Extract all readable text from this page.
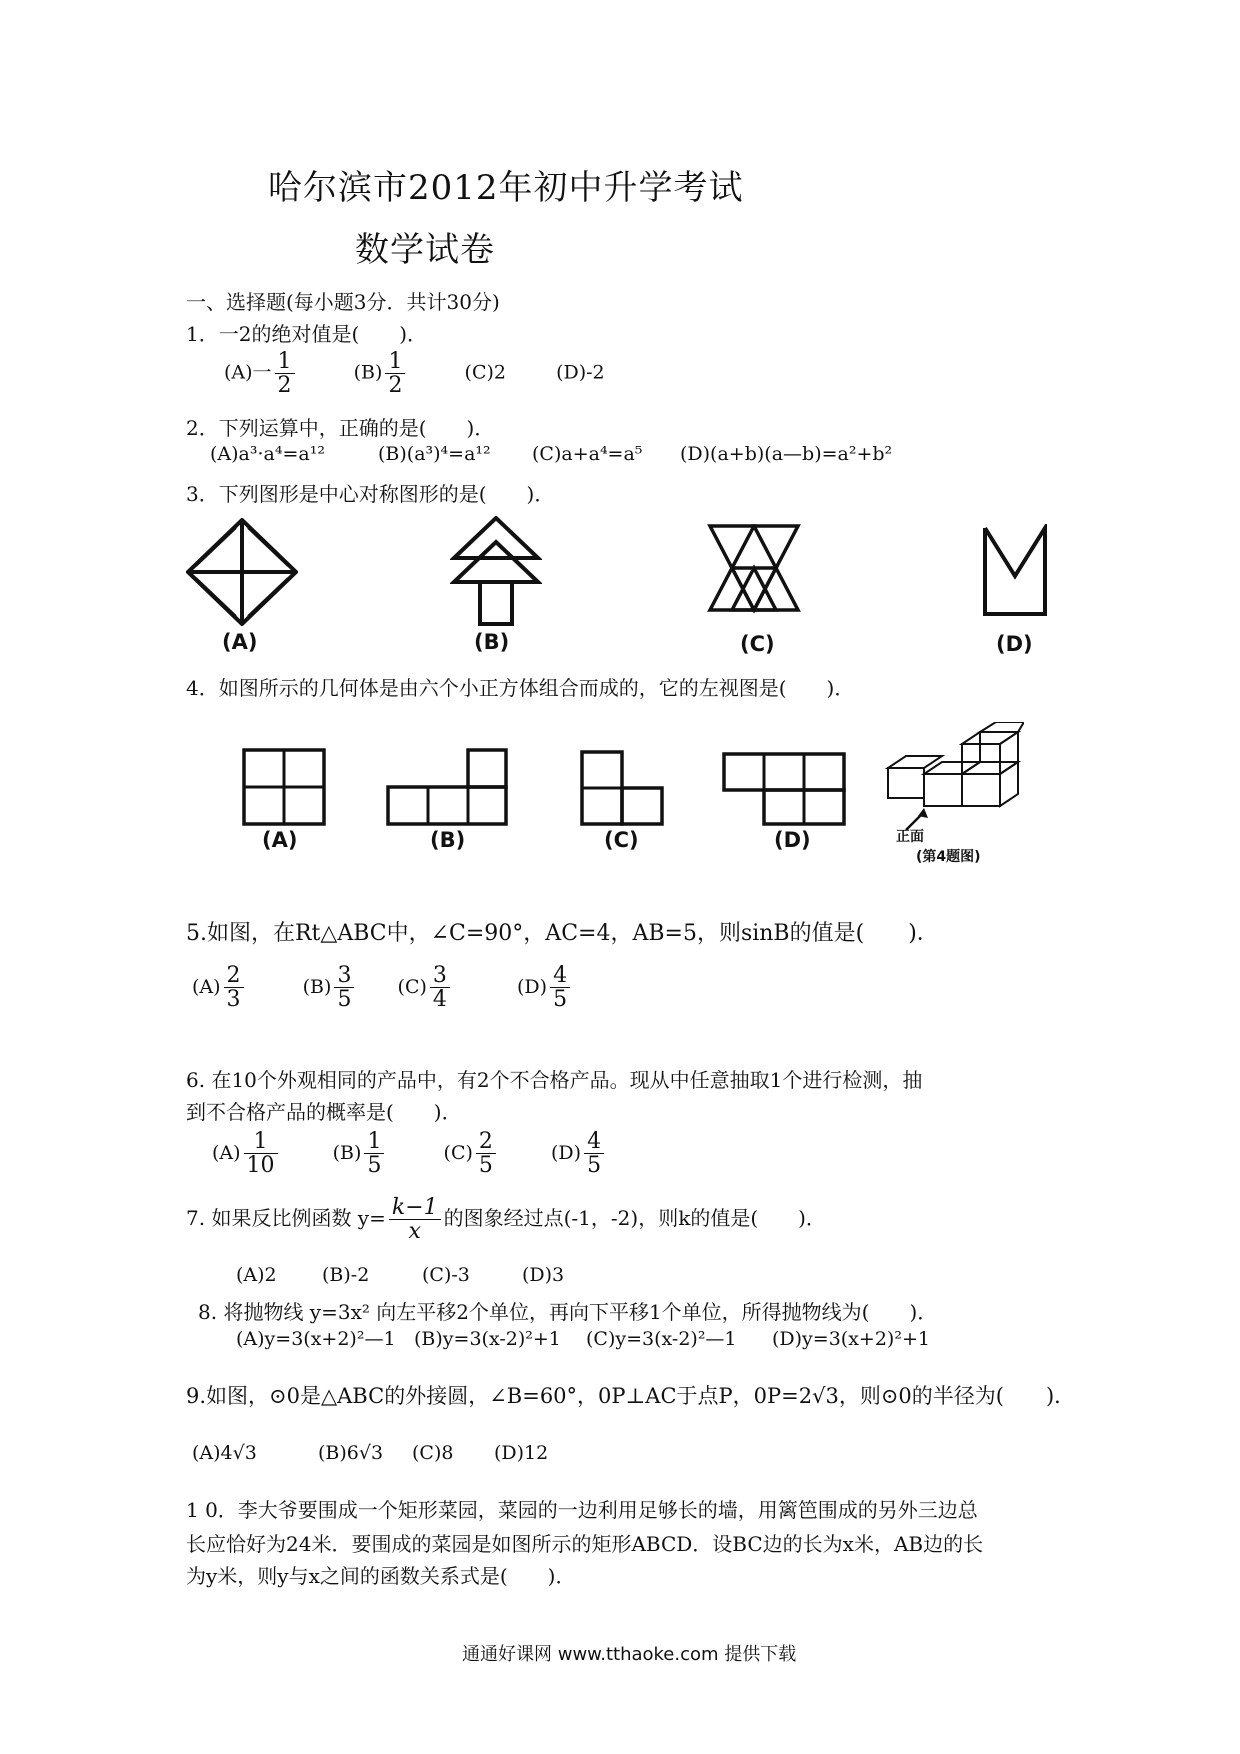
哈尔滨市2012年初中升学考试
数学试卷
一、选择题(每小题3分．共计30分)
1．一2的绝对值是(　　)．
(A)一 $\frac{1}{2}$	$(B) \frac{1}{2}$	(C)2	(D)-2
2．下列运算中，正确的是(　　)．
(A)a³·a⁴=a¹²	(B)(a³)⁴=a¹² (C)a+a⁴=a⁵ (D)(a+b)(a—b)=a²+b²
3．下列图形是中心对称图形的是(　　)．
(A)	(B)	(C)	(D)
4．如图所示的几何体是由六个小正方体组合而成的，它的左视图是(　　)．
(A)	(B)	(C)	(D)	正面
(第4题图)
5.如图，在Rt△ABC中，∠C=90°，AC=4，AB=5，则sinB的值是(　　)．
$(A) \frac{2}{3}$	$(B) \frac{3}{5} (C) \frac{3}{4}$	$(D) \frac{4}{5}$
6. 在10个外观相同的产品中，有2个不合格产品。现从中任意抽取1个进行检测，抽
到不合格产品的概率是(　　)．
$(A) \frac{1}{10}$	$(B) \frac{1}{5}$	$(C) \frac{2}{5}$	$(D) \frac{4}{5}$
7. 如果反比例函数 $y= \frac{k-1}{x}$ 的图象经过点(-1，-2)，则k的值是(　　)．
(A)2 (B)-2	(C)-3	(D)3
8. 将抛物线 y=3x² 向左平移2个单位，再向下平移1个单位，所得抛物线为(　　)．
(A)y=3(x+2)²—1 (B)y=3(x-2)²+1 (C)y=3(x-2)²—1 (D)y=3(x+2)²+1
9.如图，⊙0是△ABC的外接圆，∠B=60°，0P⊥AC于点P，0P=2√3，则⊙0的半径为(　　)．
(A)4√3	(B)6√3 (C)8 (D)12
1 0．李大爷要围成一个矩形菜园，菜园的一边利用足够长的墙，用篱笆围成的另外三边总
长应恰好为24米．要围成的菜园是如图所示的矩形ABCD．设BC边的长为x米，AB边的长
为y米，则y与x之间的函数关系式是(　　)．
通通好课网 www.tthaoke.com 提供下载
